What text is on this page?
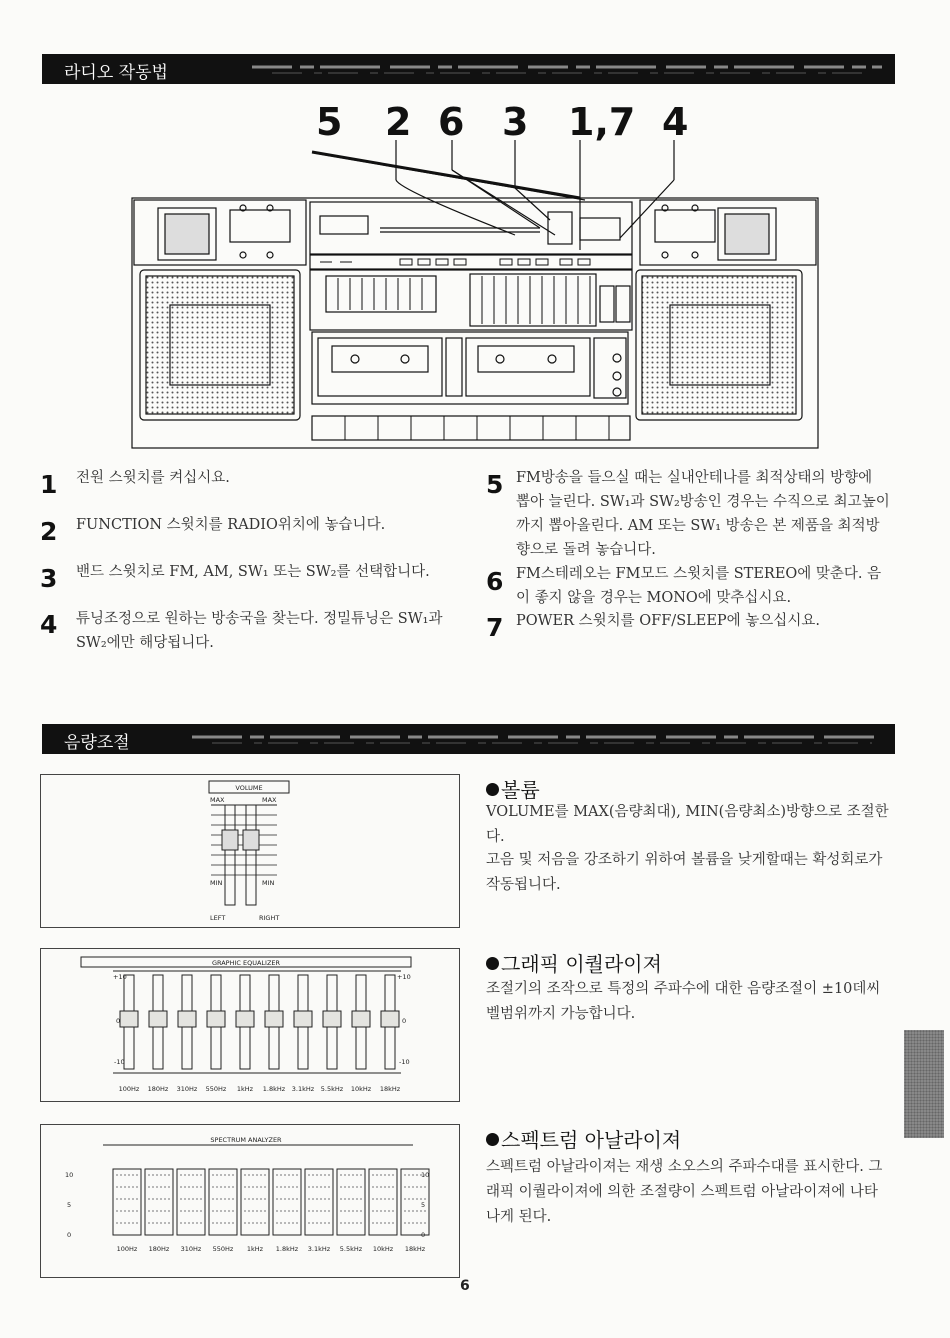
라디오 작동법
5 2 6 3 1,7 4
1 전원 스윗치를 켜십시요.
2 FUNCTION 스윗치를 RADIO위치에 놓습니다.
3 밴드 스윗치로 FM, AM, SW₁ 또는 SW₂를 선택합니다.
4 튜닝조정으로 원하는 방송국을 찾는다. 정밀튜닝은 SW₁과 SW₂에만 해당됩니다.
5 FM방송을 들으실 때는 실내안테나를 최적상태의 방향에 뽑아 늘린다. SW₁과 SW₂방송인 경우는 수직으로 최고높이까지 뽑아올린다. AM 또는 SW₁ 방송은 본 제품을 최적방향으로 돌려 놓습니다.
6 FM스테레오는 FM모드 스윗치를 STEREO에 맞춘다. 음이 좋지 않을 경우는 MONO에 맞추십시요.
7 POWER 스윗치를 OFF/SLEEP에 놓으십시요.
음량조절
VOLUME
MAX	MAX
MIN	MIN
LEFT	RIGHT
볼륨
VOLUME를 MAX(음량최대), MIN(음량최소)방향으로 조절한다.
고음 및 저음을 강조하기 위하여 볼륨을 낮게할때는 확성회로가 작동됩니다.
GRAPHIC EQUALIZER
+10	+10
0	0
-10	-10
100Hz 180Hz 310Hz 550Hz 1kHz 1.8kHz 3.1kHz 5.5kHz 10kHz 18kHz
그래픽 이퀄라이져
조절기의 조작으로 특정의 주파수에 대한 음량조절이 ±10데씨벨범위까지 가능합니다.
SPECTRUM ANALYZER
10
5
0
10
5
0
100Hz 180Hz 310Hz 550Hz 1kHz 1.8kHz 3.1kHz 5.5kHz 10kHz 18kHz
스펙트럼 아날라이져
스펙트럼 아날라이져는 재생 소오스의 주파수대를 표시한다. 그래픽 이퀄라이져에 의한 조절량이 스펙트럼 아날라이져에 나타나게 된다.
6
